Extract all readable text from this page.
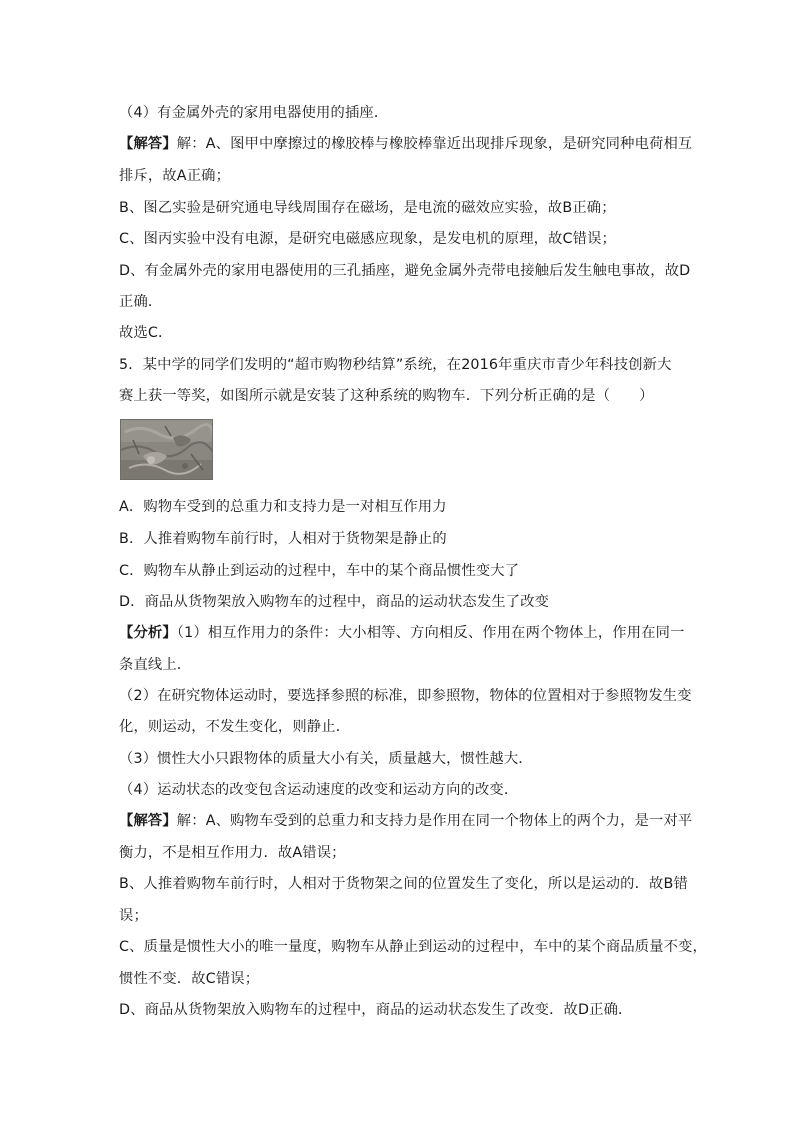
（4）有金属外壳的家用电器使用的插座．
【解答】解：A、图甲中摩擦过的橡胶棒与橡胶棒靠近出现排斥现象，是研究同种电荷相互
排斥，故A正确；
B、图乙实验是研究通电导线周围存在磁场，是电流的磁效应实验，故B正确；
C、图丙实验中没有电源，是研究电磁感应现象，是发电机的原理，故C错误；
D、有金属外壳的家用电器使用的三孔插座，避免金属外壳带电接触后发生触电事故，故D
正确．
故选C．
5．某中学的同学们发明的“超市购物秒结算”系统，在2016年重庆市青少年科技创新大
赛上获一等奖，如图所示就是安装了这种系统的购物车．下列分析正确的是（　　）
A．购物车受到的总重力和支持力是一对相互作用力
B．人推着购物车前行时，人相对于货物架是静止的
C．购物车从静止到运动的过程中，车中的某个商品惯性变大了
D．商品从货物架放入购物车的过程中，商品的运动状态发生了改变
【分析】（1）相互作用力的条件：大小相等、方向相反、作用在两个物体上，作用在同一
条直线上．
（2）在研究物体运动时，要选择参照的标准，即参照物，物体的位置相对于参照物发生变
化，则运动，不发生变化，则静止．
（3）惯性大小只跟物体的质量大小有关，质量越大，惯性越大．
（4）运动状态的改变包含运动速度的改变和运动方向的改变．
【解答】解：A、购物车受到的总重力和支持力是作用在同一个物体上的两个力，是一对平
衡力，不是相互作用力．故A错误；
B、人推着购物车前行时，人相对于货物架之间的位置发生了变化，所以是运动的．故B错
误；
C、质量是惯性大小的唯一量度，购物车从静止到运动的过程中，车中的某个商品质量不变，
惯性不变．故C错误；
D、商品从货物架放入购物车的过程中，商品的运动状态发生了改变．故D正确．
